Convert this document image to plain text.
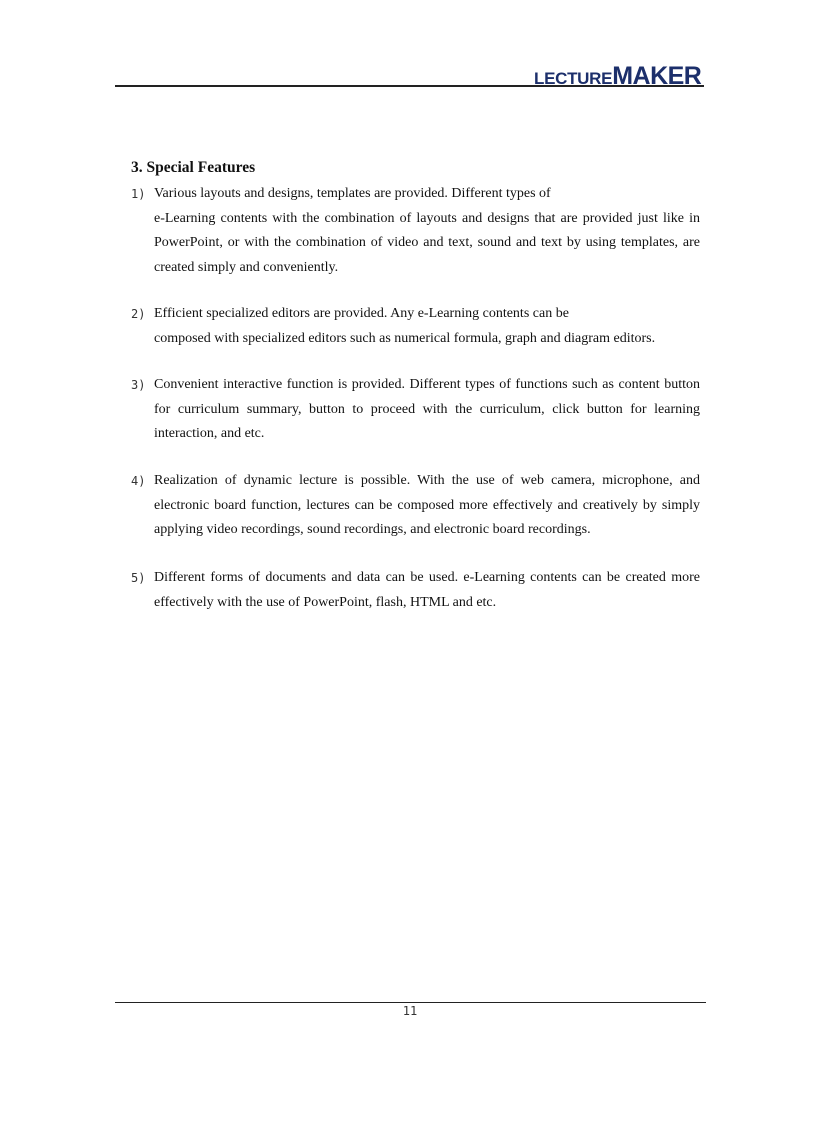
LECTUREMAKER
3. Special Features
1) Various layouts and designs, templates are provided. Different types of
e-Learning contents with the combination of layouts and designs that are provided just like in PowerPoint, or with the combination of video and text, sound and text by using templates, are created simply and conveniently.

2) Efficient specialized editors are provided. Any e-Learning contents can be
composed with specialized editors such as numerical formula, graph and diagram editors.

3) Convenient interactive function is provided. Different types of functions such as content button for curriculum summary, button to proceed with the curriculum, click button for learning interaction, and etc.

4) Realization of dynamic lecture is possible. With the use of web camera, microphone, and electronic board function, lectures can be composed more effectively and creatively by simply applying video recordings, sound recordings, and electronic board recordings.

5) Different forms of documents and data can be used. e-Learning contents can be created more effectively with the use of PowerPoint, flash, HTML and etc.

11
